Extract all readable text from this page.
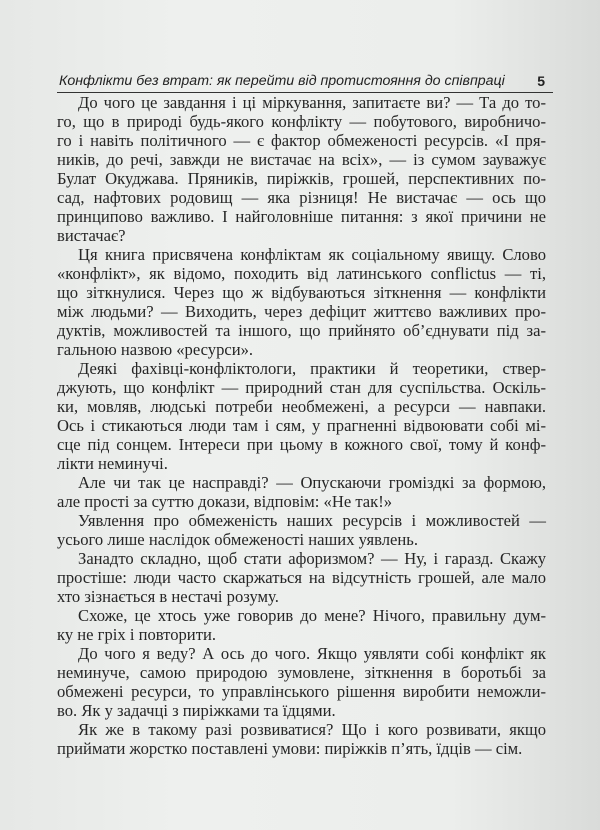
Конфлікти без втрат: як перейти від протистояння до співпраці 5
До чого це завдання і ці міркування, запитаєте ви? — Та до то-
го, що в природі будь-якого конфлікту — побутового, виробничо-
го і навіть політичного — є фактор обмеженості ресурсів. «І пря-
ників, до речі, завжди не вистачає на всіх», — із сумом зауважує
Булат Окуджава. Пряників, пиріжків, грошей, перспективних по-
сад, нафтових родовищ — яка різниця! Не вистачає — ось що
принципово важливо. І найголовніше питання: з якої причини не
вистачає?
Ця книга присвячена конфліктам як соціальному явищу. Слово
«конфлікт», як відомо, походить від латинського conflictus — ті,
що зіткнулися. Через що ж відбуваються зіткнення — конфлікти
між людьми? — Виходить, через дефіцит життєво важливих про-
дуктів, можливостей та іншого, що прийнято об’єднувати під за-
гальною назвою «ресурси».
Деякі фахівці-конфліктологи, практики й теоретики, ствер-
джують, що конфлікт — природний стан для суспільства. Оскіль-
ки, мовляв, людські потреби необмежені, а ресурси — навпаки.
Ось і стикаються люди там і сям, у прагненні відвоювати собі мі-
сце під сонцем. Інтереси при цьому в кожного свої, тому й конф-
лікти неминучі.
Але чи так це насправді? — Опускаючи громіздкі за формою,
але прості за суттю докази, відповім: «Не так!»
Уявлення про обмеженість наших ресурсів і можливостей —
усього лише наслідок обмеженості наших уявлень.
Занадто складно, щоб стати афоризмом? — Ну, і гаразд. Скажу
простіше: люди часто скаржаться на відсутність грошей, але мало
хто зізнається в нестачі розуму.
Схоже, це хтось уже говорив до мене? Нічого, правильну дум-
ку не гріх і повторити.
До чого я веду? А ось до чого. Якщо уявляти собі конфлікт як
неминуче, самою природою зумовлене, зіткнення в боротьбі за
обмежені ресурси, то управлінського рішення виробити неможли-
во. Як у задачці з пиріжками та їдцями.
Як же в такому разі розвиватися? Що і кого розвивати, якщо
приймати жорстко поставлені умови: пиріжків п’ять, їдців — сім.
